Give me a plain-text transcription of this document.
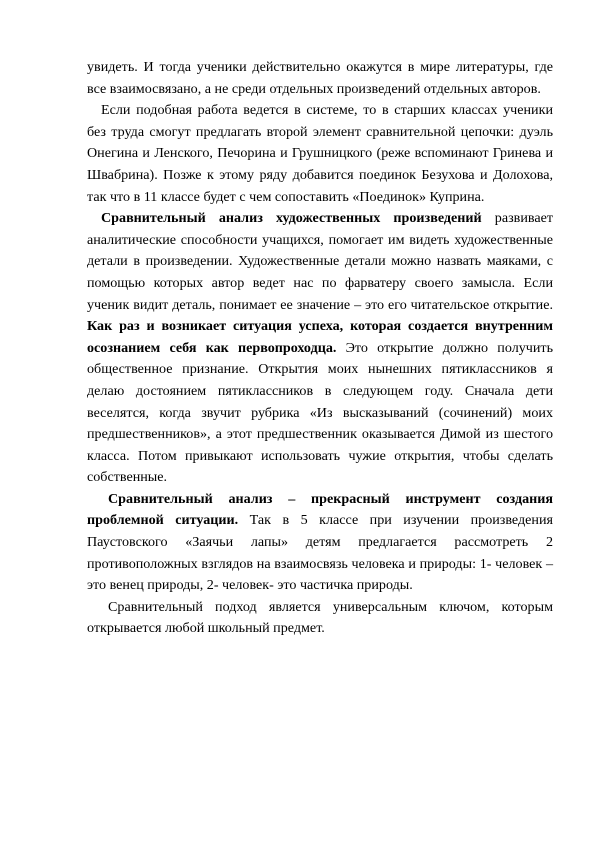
увидеть. И тогда ученики действительно окажутся в мире литературы, где все взаимосвязано, а не среди отдельных произведений отдельных авторов.

Если подобная работа ведется в системе, то в старших классах ученики без труда смогут предлагать второй элемент сравнительной цепочки: дуэль Онегина и Ленского, Печорина и Грушницкого (реже вспоминают Гринева и Швабрина). Позже к этому ряду добавится поединок Безухова и Долохова, так что в 11 классе будет с чем сопоставить «Поединок» Куприна.

Сравнительный анализ художественных произведений развивает аналитические способности учащихся, помогает им видеть художественные детали в произведении. Художественные детали можно назвать маяками, с помощью которых автор ведет нас по фарватеру своего замысла. Если ученик видит деталь, понимает ее значение – это его читательское открытие. Как раз и возникает ситуация успеха, которая создается внутренним осознанием себя как первопроходца. Это открытие должно получить общественное признание. Открытия моих нынешних пятиклассников я делаю достоянием пятиклассников в следующем году. Сначала дети веселятся, когда звучит рубрика «Из высказываний (сочинений) моих предшественников», а этот предшественник оказывается Димой из шестого класса. Потом привыкают использовать чужие открытия, чтобы сделать собственные.

Сравнительный анализ – прекрасный инструмент создания проблемной ситуации. Так в 5 классе при изучении произведения Паустовского «Заячьи лапы» детям предлагается рассмотреть 2 противоположных взглядов на взаимосвязь человека и природы: 1- человек – это венец природы, 2- человек- это частичка природы.

Сравнительный подход является универсальным ключом, которым открывается любой школьный предмет.
